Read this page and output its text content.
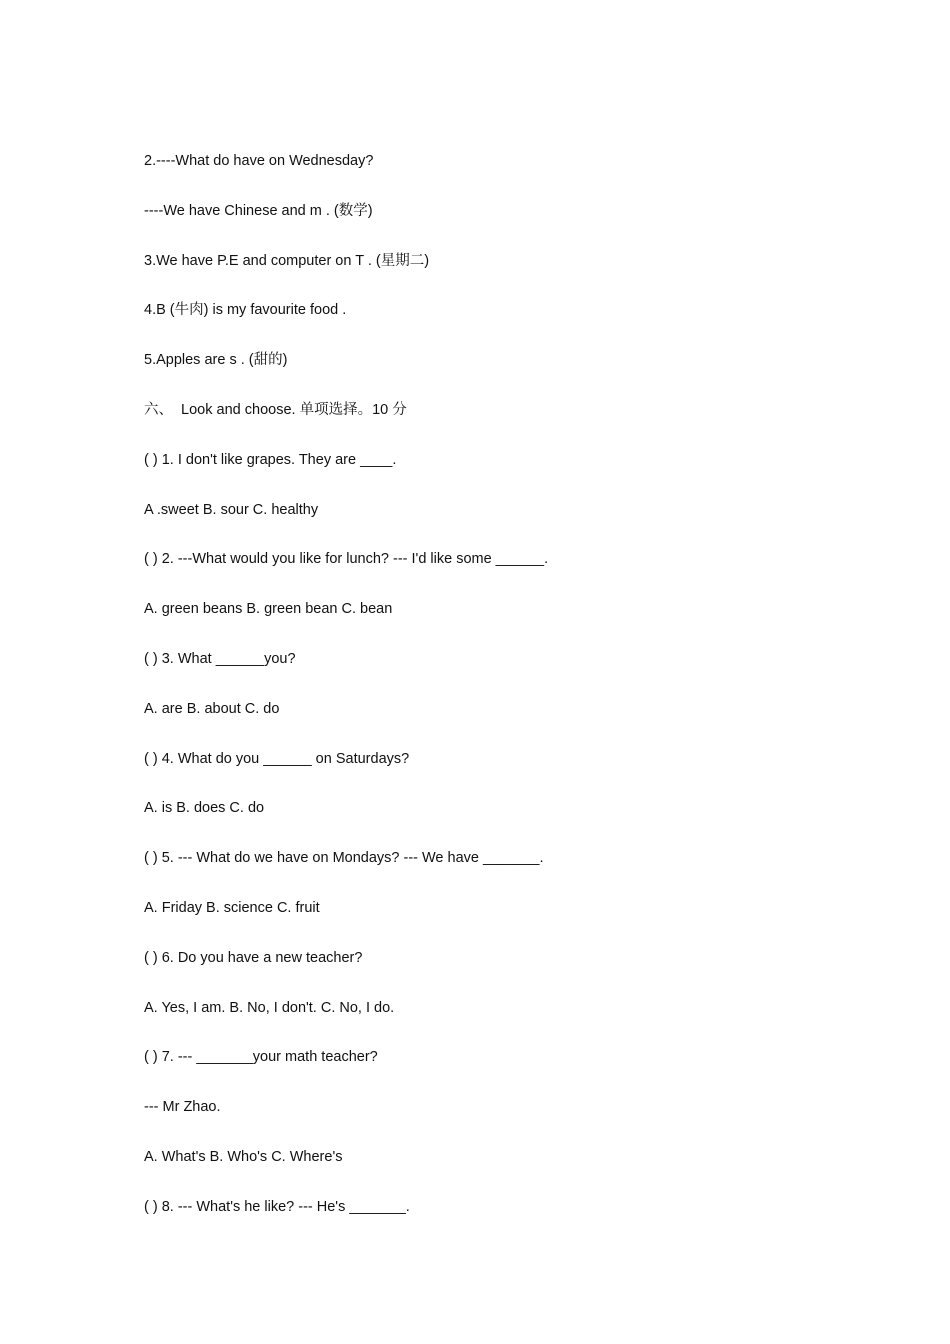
2.----What do have on Wednesday?
----We have Chinese and m . (数学)
3.We have P.E and computer on T . (星期二)
4.B (牛肉) is my favourite food .
5.Apples are s . (甜的)
六、  Look and choose. 单项选择。10 分
( ) 1. I don't like grapes. They are ____.
A .sweet B. sour C. healthy
( ) 2. ---What would you like for lunch? --- I'd like some ______.
A. green beans B. green bean C. bean
( ) 3. What ______you?
A. are B. about C. do
( ) 4. What do you ______ on Saturdays?
A. is B. does C. do
( ) 5. --- What do we have on Mondays? --- We have _______.
A. Friday B. science C. fruit
( ) 6. Do you have a new teacher?
A. Yes, I am. B. No, I don't. C. No, I do.
( ) 7. --- _______your math teacher?
--- Mr Zhao.
A. What's B. Who's C. Where's
( ) 8. --- What's he like? --- He's _______.
